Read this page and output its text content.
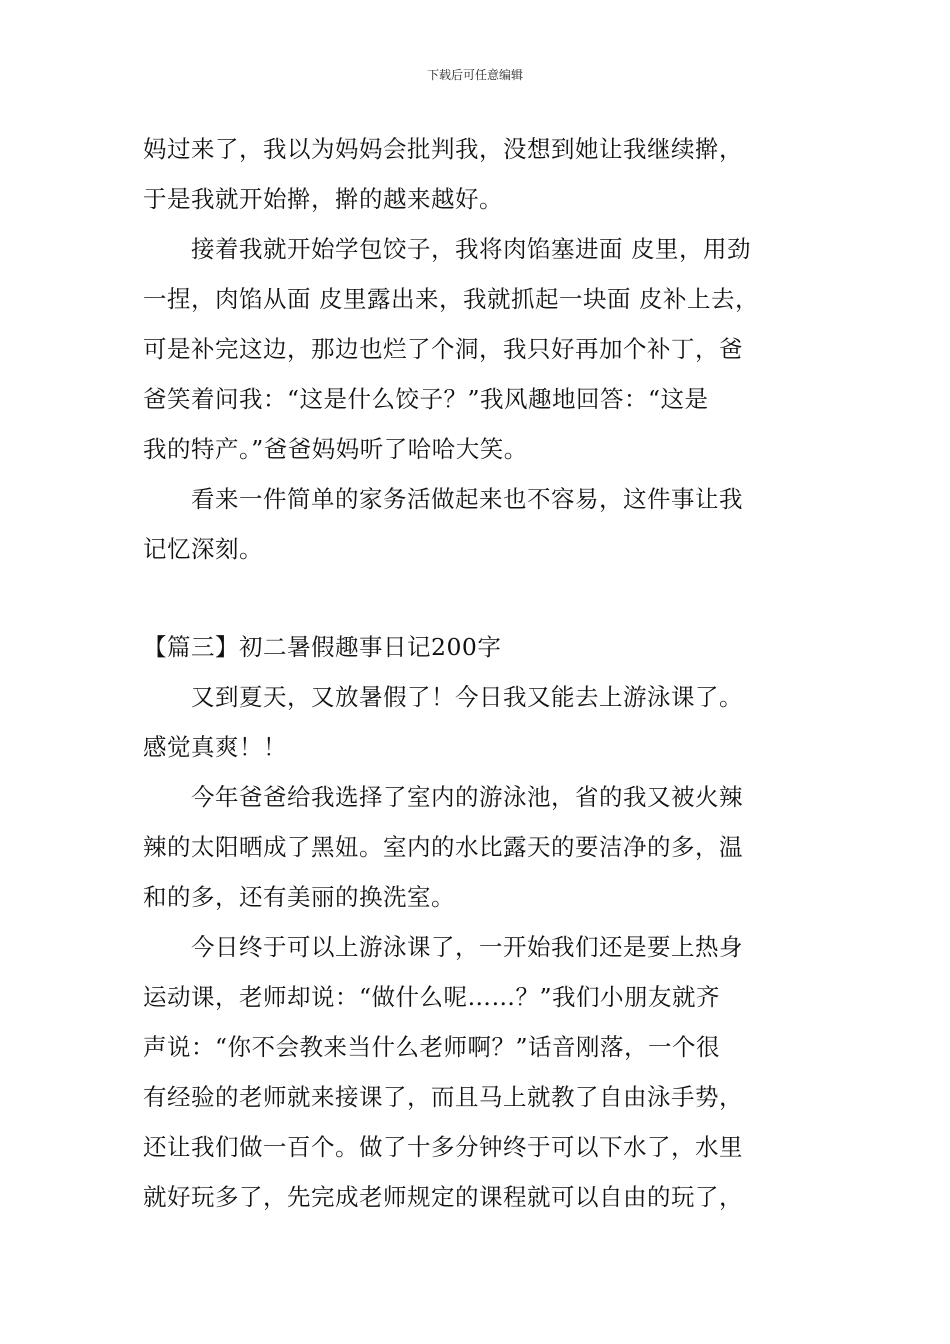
下载后可任意编辑
妈过来了，我以为妈妈会批判我，没想到她让我继续擀，
于是我就开始擀，擀的越来越好。
　　接着我就开始学包饺子，我将肉馅塞进面 皮里，用劲
一捏，肉馅从面 皮里露出来，我就抓起一块面 皮补上去，
可是补完这边，那边也烂了个洞，我只好再加个补丁，爸
爸笑着问我：“这是什么饺子？”我风趣地回答：“这是
我的特产。”爸爸妈妈听了哈哈大笑。
　　看来一件简单的家务活做起来也不容易，这件事让我
记忆深刻。
【篇三】初二暑假趣事日记200字
　　又到夏天，又放暑假了！今日我又能去上游泳课了。
感觉真爽！！
　　今年爸爸给我选择了室内的游泳池，省的我又被火辣
辣的太阳晒成了黑妞。室内的水比露天的要洁净的多，温
和的多，还有美丽的换洗室。
　　今日终于可以上游泳课了，一开始我们还是要上热身
运动课，老师却说：“做什么呢……？”我们小朋友就齐
声说：“你不会教来当什么老师啊？”话音刚落，一个很
有经验的老师就来接课了，而且马上就教了自由泳手势，
还让我们做一百个。做了十多分钟终于可以下水了，水里
就好玩多了，先完成老师规定的课程就可以自由的玩了，
